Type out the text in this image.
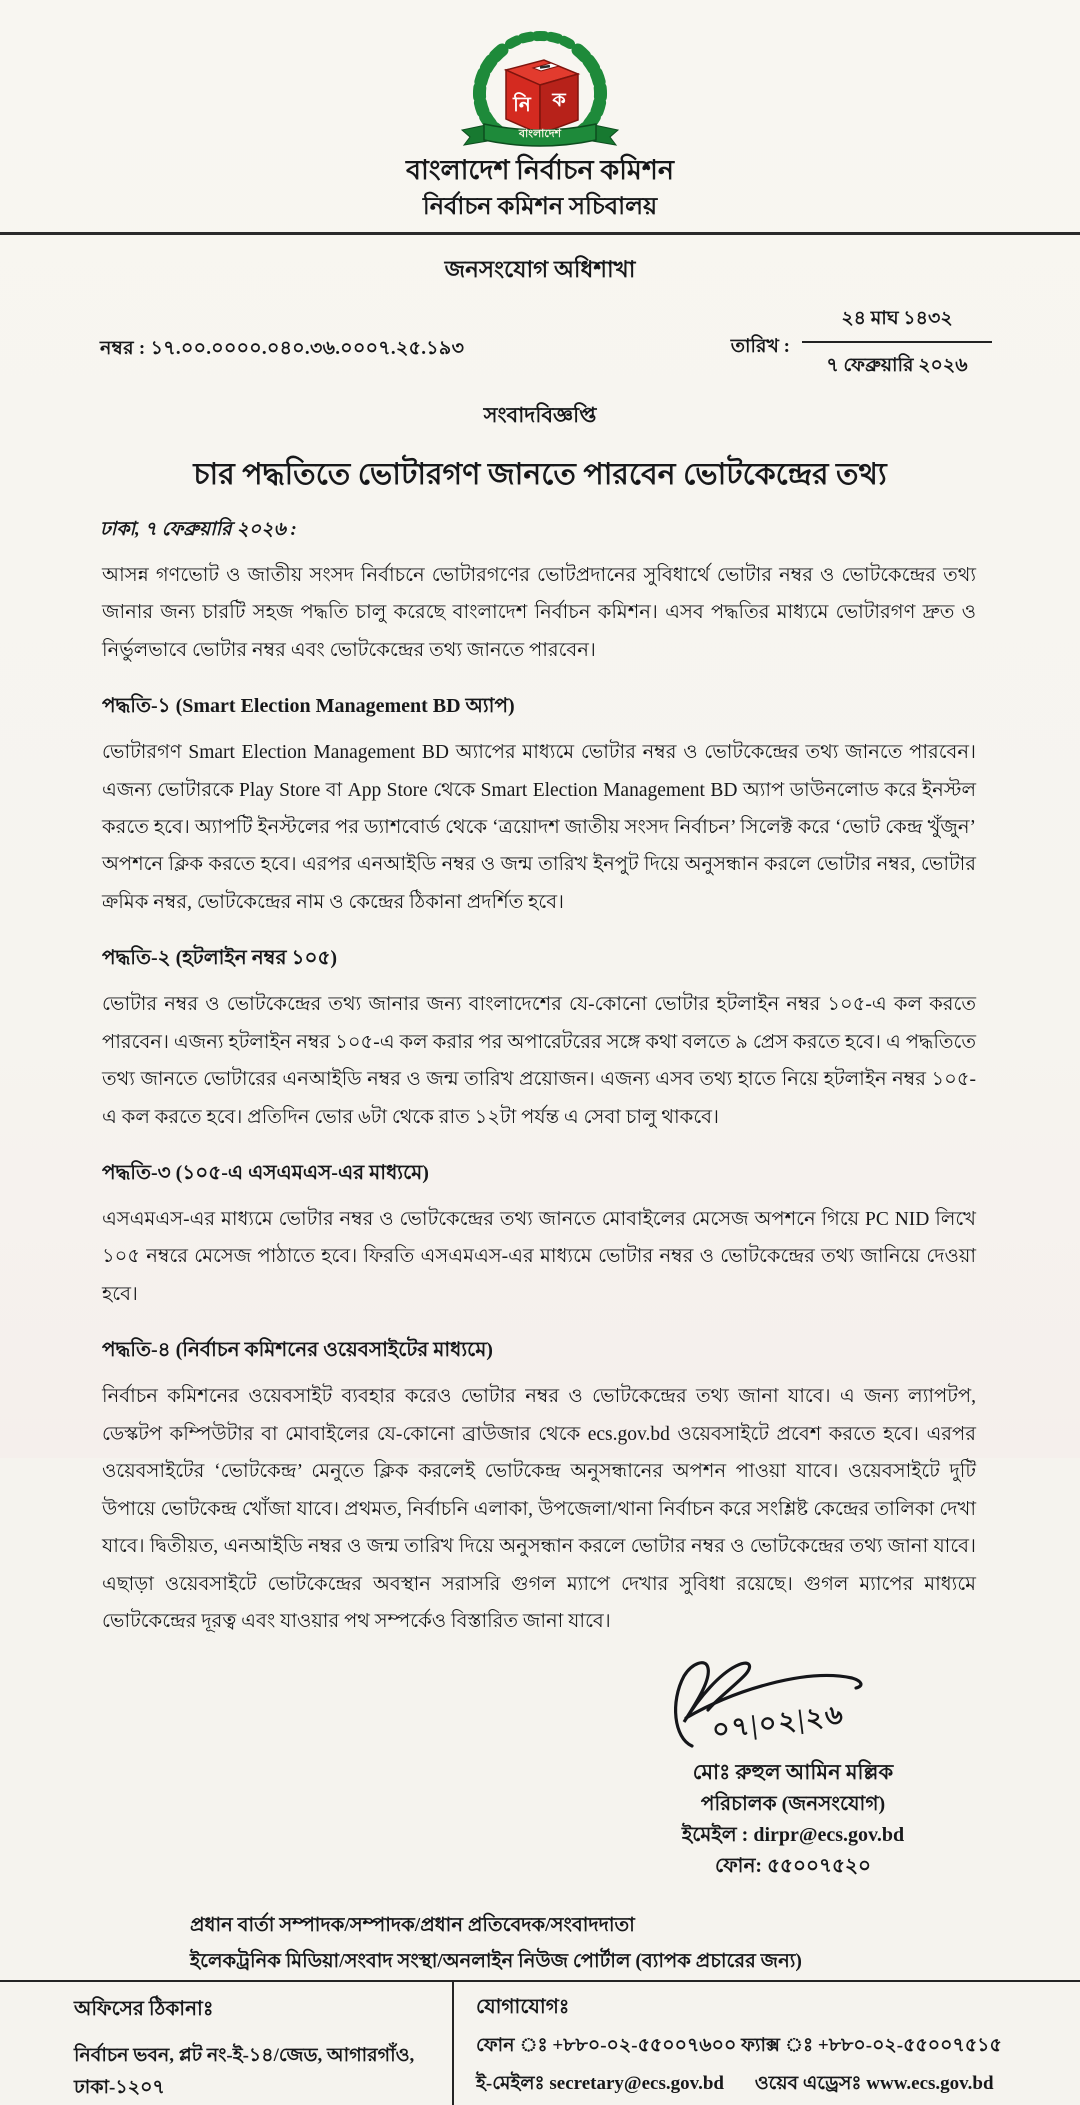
নি ক
বাংলাদেশ
বাংলাদেশ নির্বাচন কমিশন
নির্বাচন কমিশন সচিবালয়
জনসংযোগ অধিশাখা
নম্বর : ১৭.০০.০০০০.০৪০.৩৬.০০০৭.২৫.১৯৩	তারিখ :
২৪ মাঘ ১৪৩২
৭ ফেব্রুয়ারি ২০২৬
সংবাদবিজ্ঞপ্তি
চার পদ্ধতিতে ভোটারগণ জানতে পারবেন ভোটকেন্দ্রের তথ্য
ঢাকা, ৭ ফেব্রুয়ারি ২০২৬ :

আসন্ন গণভোট ও জাতীয় সংসদ নির্বাচনে ভোটারগণের ভোটপ্রদানের সুবিধার্থে ভোটার নম্বর ও ভোটকেন্দ্রের তথ্য জানার জন্য চারটি সহজ পদ্ধতি চালু করেছে বাংলাদেশ নির্বাচন কমিশন। এসব পদ্ধতির মাধ্যমে ভোটারগণ দ্রুত ও নির্ভুলভাবে ভোটার নম্বর এবং ভোটকেন্দ্রের তথ্য জানতে পারবেন।

পদ্ধতি-১ (Smart Election Management BD অ্যাপ)

ভোটারগণ Smart Election Management BD অ্যাপের মাধ্যমে ভোটার নম্বর ও ভোটকেন্দ্রের তথ্য জানতে পারবেন। এজন্য ভোটারকে Play Store বা App Store থেকে Smart Election Management BD অ্যাপ ডাউনলোড করে ইনস্টল করতে হবে। অ্যাপটি ইনস্টলের পর ড্যাশবোর্ড থেকে ‘ত্রয়োদশ জাতীয় সংসদ নির্বাচন’ সিলেক্ট করে ‘ভোট কেন্দ্র খুঁজুন’ অপশনে ক্লিক করতে হবে। এরপর এনআইডি নম্বর ও জন্ম তারিখ ইনপুট দিয়ে অনুসন্ধান করলে ভোটার নম্বর, ভোটার ক্রমিক নম্বর, ভোটকেন্দ্রের নাম ও কেন্দ্রের ঠিকানা প্রদর্শিত হবে।

পদ্ধতি-২ (হটলাইন নম্বর ১০৫)

ভোটার নম্বর ও ভোটকেন্দ্রের তথ্য জানার জন্য বাংলাদেশের যে-কোনো ভোটার হটলাইন নম্বর ১০৫-এ কল করতে পারবেন। এজন্য হটলাইন নম্বর ১০৫-এ কল করার পর অপারেটরের সঙ্গে কথা বলতে ৯ প্রেস করতে হবে। এ পদ্ধতিতে তথ্য জানতে ভোটারের এনআইডি নম্বর ও জন্ম তারিখ প্রয়োজন। এজন্য এসব তথ্য হাতে নিয়ে হটলাইন নম্বর ১০৫-এ কল করতে হবে। প্রতিদিন ভোর ৬টা থেকে রাত ১২টা পর্যন্ত এ সেবা চালু থাকবে।

পদ্ধতি-৩ (১০৫-এ এসএমএস-এর মাধ্যমে)

এসএমএস-এর মাধ্যমে ভোটার নম্বর ও ভোটকেন্দ্রের তথ্য জানতে মোবাইলের মেসেজ অপশনে গিয়ে PC NID লিখে ১০৫ নম্বরে মেসেজ পাঠাতে হবে। ফিরতি এসএমএস-এর মাধ্যমে ভোটার নম্বর ও ভোটকেন্দ্রের তথ্য জানিয়ে দেওয়া হবে।

পদ্ধতি-৪ (নির্বাচন কমিশনের ওয়েবসাইটের মাধ্যমে)

নির্বাচন কমিশনের ওয়েবসাইট ব্যবহার করেও ভোটার নম্বর ও ভোটকেন্দ্রের তথ্য জানা যাবে। এ জন্য ল্যাপটপ, ডেস্কটপ কম্পিউটার বা মোবাইলের যে-কোনো ব্রাউজার থেকে ecs.gov.bd ওয়েবসাইটে প্রবেশ করতে হবে। এরপর ওয়েবসাইটের ‘ভোটকেন্দ্র’ মেনুতে ক্লিক করলেই ভোটকেন্দ্র অনুসন্ধানের অপশন পাওয়া যাবে। ওয়েবসাইটে দুটি উপায়ে ভোটকেন্দ্র খোঁজা যাবে। প্রথমত, নির্বাচনি এলাকা, উপজেলা/থানা নির্বাচন করে সংশ্লিষ্ট কেন্দ্রের তালিকা দেখা যাবে। দ্বিতীয়ত, এনআইডি নম্বর ও জন্ম তারিখ দিয়ে অনুসন্ধান করলে ভোটার নম্বর ও ভোটকেন্দ্রের তথ্য জানা যাবে। এছাড়া ওয়েবসাইটে ভোটকেন্দ্রের অবস্থান সরাসরি গুগল ম্যাপে দেখার সুবিধা রয়েছে। গুগল ম্যাপের মাধ্যমে ভোটকেন্দ্রের দূরত্ব এবং যাওয়ার পথ সম্পর্কেও বিস্তারিত জানা যাবে।

০৭|০২|২৬
মোঃ রুহুল আমিন মল্লিক
পরিচালক (জনসংযোগ)
ইমেইল : dirpr@ecs.gov.bd
ফোন: ৫৫০০৭৫২০
প্রধান বার্তা সম্পাদক/সম্পাদক/প্রধান প্রতিবেদক/সংবাদদাতা
ইলেকট্রনিক মিডিয়া/সংবাদ সংস্থা/অনলাইন নিউজ পোর্টাল (ব্যাপক প্রচারের জন্য)
অফিসের ঠিকানাঃ
নির্বাচন ভবন, প্লট নং-ই-১৪/জেড, আগারগাঁও, ঢাকা-১২০৭
যোগাযোগঃ
ফোন ঃ +৮৮০-০২-৫৫০০৭৬০০ ফ্যাক্স ঃ +৮৮০-০২-৫৫০০৭৫১৫
ই-মেইলঃ secretary@ecs.gov.bd ওয়েব এড্রেসঃ www.ecs.gov.bd
